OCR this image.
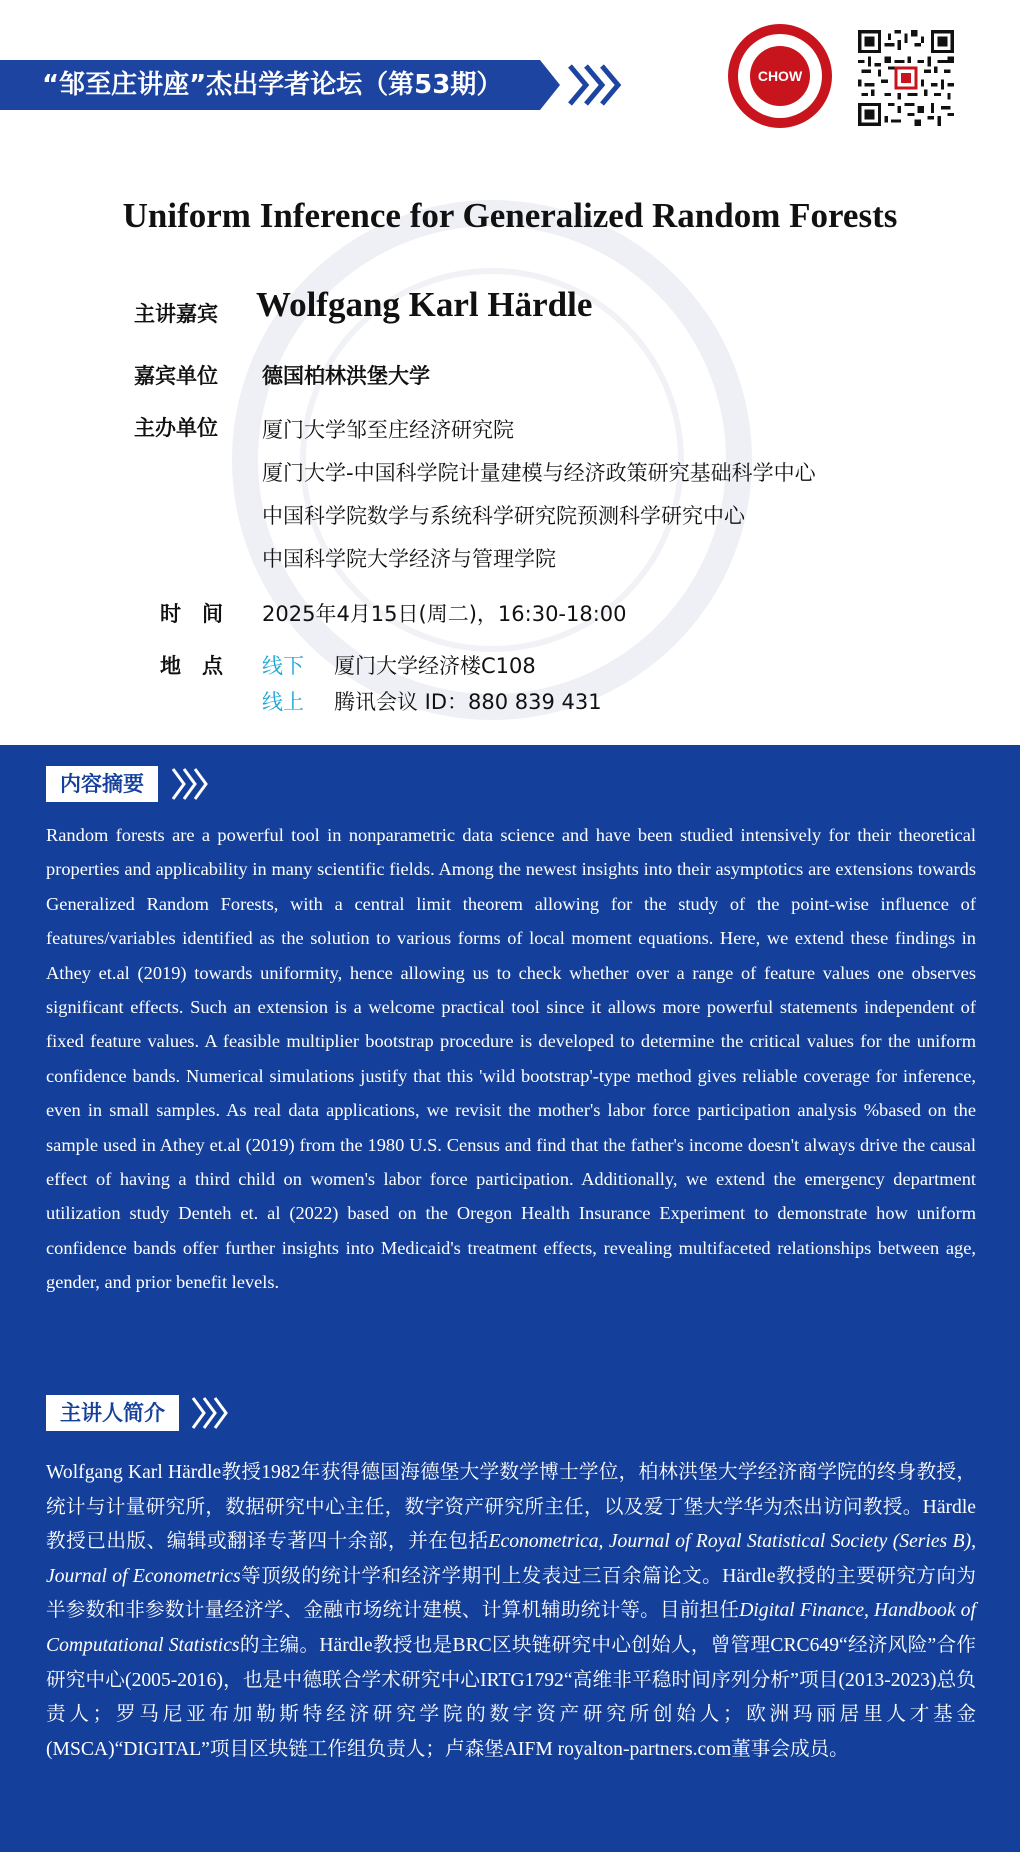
“邹至庄讲座”杰出学者论坛（第53期）	CHOW
Uniform Inference for Generalized Random Forests
主讲嘉宾 Wolfgang Karl Härdle
嘉宾单位 德国柏林洪堡大学
主办单位 厦门大学邹至庄经济研究院
厦门大学-中国科学院计量建模与经济政策研究基础科学中心
中国科学院数学与系统科学研究院预测科学研究中心
中国科学院大学经济与管理学院
时　间 2025年4月15日(周二)，16:30-18:00
地　点 线下 厦门大学经济楼C108
线上 腾讯会议 ID：880 839 431
内容摘要
Random forests are a powerful tool in nonparametric data science and have been studied intensively for their theoretical properties and applicability in many scientific fields. Among the newest insights into their asymptotics are extensions towards Generalized Random Forests, with a central limit theorem allowing for the study of the point-wise influence of features/variables identified as the solution to various forms of local moment equations. Here, we extend these findings in Athey et.al (2019) towards uniformity, hence allowing us to check whether over a range of feature values one observes significant effects. Such an extension is a welcome practical tool since it allows more powerful statements independent of fixed feature values. A feasible multiplier bootstrap procedure is developed to determine the critical values for the uniform confidence bands. Numerical simulations justify that this 'wild bootstrap'-type method gives reliable coverage for inference, even in small samples. As real data applications, we revisit the mother's labor force participation analysis %based on the sample used in Athey et.al (2019) from the 1980 U.S. Census and find that the father's income doesn't always drive the causal effect of having a third child on women's labor force participation. Additionally, we extend the emergency department utilization study Denteh et. al (2022) based on the Oregon Health Insurance Experiment to demonstrate how uniform confidence bands offer further insights into Medicaid's treatment effects, revealing multifaceted relationships between age, gender, and prior benefit levels.
主讲人简介
Wolfgang Karl Härdle教授1982年获得德国海德堡大学数学博士学位，柏林洪堡大学经济商学院的终身教授，统计与计量研究所，数据研究中心主任，数字资产研究所主任，以及爱丁堡大学华为杰出访问教授。Härdle教授已出版、编辑或翻译专著四十余部，并在包括Econometrica, Journal of Royal Statistical Society (Series B), Journal of Econometrics等顶级的统计学和经济学期刊上发表过三百余篇论文。Härdle教授的主要研究方向为半参数和非参数计量经济学、金融市场统计建模、计算机辅助统计等。目前担任Digital Finance, Handbook of Computational Statistics的主编。Härdle教授也是BRC区块链研究中心创始人，曾管理CRC649“经济风险”合作研究中心(2005-2016)，也是中德联合学术研究中心IRTG1792“高维非平稳时间序列分析”项目(2013-2023)总负责人；罗马尼亚布加勒斯特经济研究学院的数字资产研究所创始人；欧洲玛丽居里人才基金(MSCA)“DIGITAL”项目区块链工作组负责人；卢森堡AIFM royalton-partners.com董事会成员。
